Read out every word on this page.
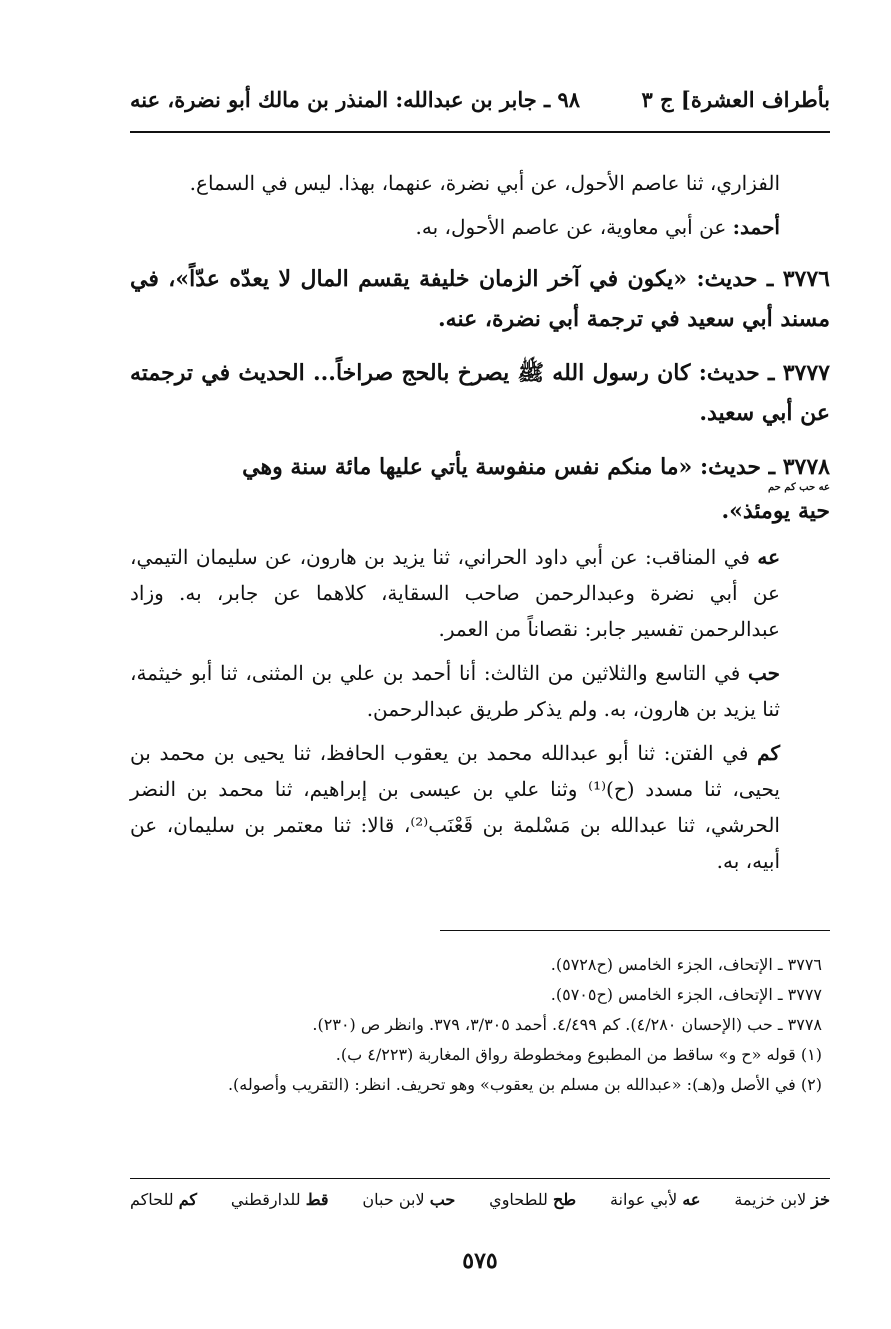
بأطراف العشرة] ج ٣
٩٨ ـ جابر بن عبدالله: المنذر بن مالك أبو نضرة، عنه

الفزاري، ثنا عاصم الأحول، عن أبي نضرة، عنهما، بهذا. ليس في السماع.

أحمد: عن أبي معاوية، عن عاصم الأحول، به.

٣٧٧٦ ـ حديث: «يكون في آخر الزمان خليفة يقسم المال لا يعدّه عدّاً»، في مسند أبي سعيد في ترجمة أبي نضرة، عنه.

٣٧٧٧ ـ حديث: كان رسول الله ﷺ يصرخ بالحج صراخاً... الحديث في ترجمته عن أبي سعيد.

٣٧٧٨ ـ حديث: «ما منكم نفس منفوسة يأتي عليها مائة سنة وهي
عه حب كم حم
حية يومئذ».

عه في المناقب: عن أبي داود الحراني، ثنا يزيد بن هارون، عن سليمان التيمي، عن أبي نضرة وعبدالرحمن صاحب السقاية، كلاهما عن جابر، به. وزاد عبدالرحمن تفسير جابر: نقصاناً من العمر.

حب في التاسع والثلاثين من الثالث: أنا أحمد بن علي بن المثنى، ثنا أبو خيثمة، ثنا يزيد بن هارون، به. ولم يذكر طريق عبدالرحمن.

كم في الفتن: ثنا أبو عبدالله محمد بن يعقوب الحافظ، ثنا يحيى بن محمد بن يحيى، ثنا مسدد (ح)⁽¹⁾ وثنا علي بن عيسى بن إبراهيم، ثنا محمد بن النضر الحرشي، ثنا عبدالله بن مَسْلمة بن قَعْنَب⁽²⁾، قالا: ثنا معتمر بن سليمان، عن أبيه، به.

٣٧٧٦ ـ الإتحاف، الجزء الخامس (ح٥٧٢٨).

٣٧٧٧ ـ الإتحاف، الجزء الخامس (ح٥٧٠٥).

٣٧٧٨ ـ حب (الإحسان ٤/٢٨٠). كم ٤/٤٩٩. أحمد ٣/٣٠٥، ٣٧٩. وانظر ص (٢٣٠).

(١) قوله «ح و» ساقط من المطبوع ومخطوطة رواق المغاربة (٤/٢٢٣ ب).

(٢) في الأصل و(هـ): «عبدالله بن مسلم بن يعقوب» وهو تحريف. انظر: (التقريب وأصوله).

خز لابن خزيمة
عه لأبي عوانة
طح للطحاوي
حب لابن حبان
قط للدارقطني
كم للحاكم
٥٧٥
